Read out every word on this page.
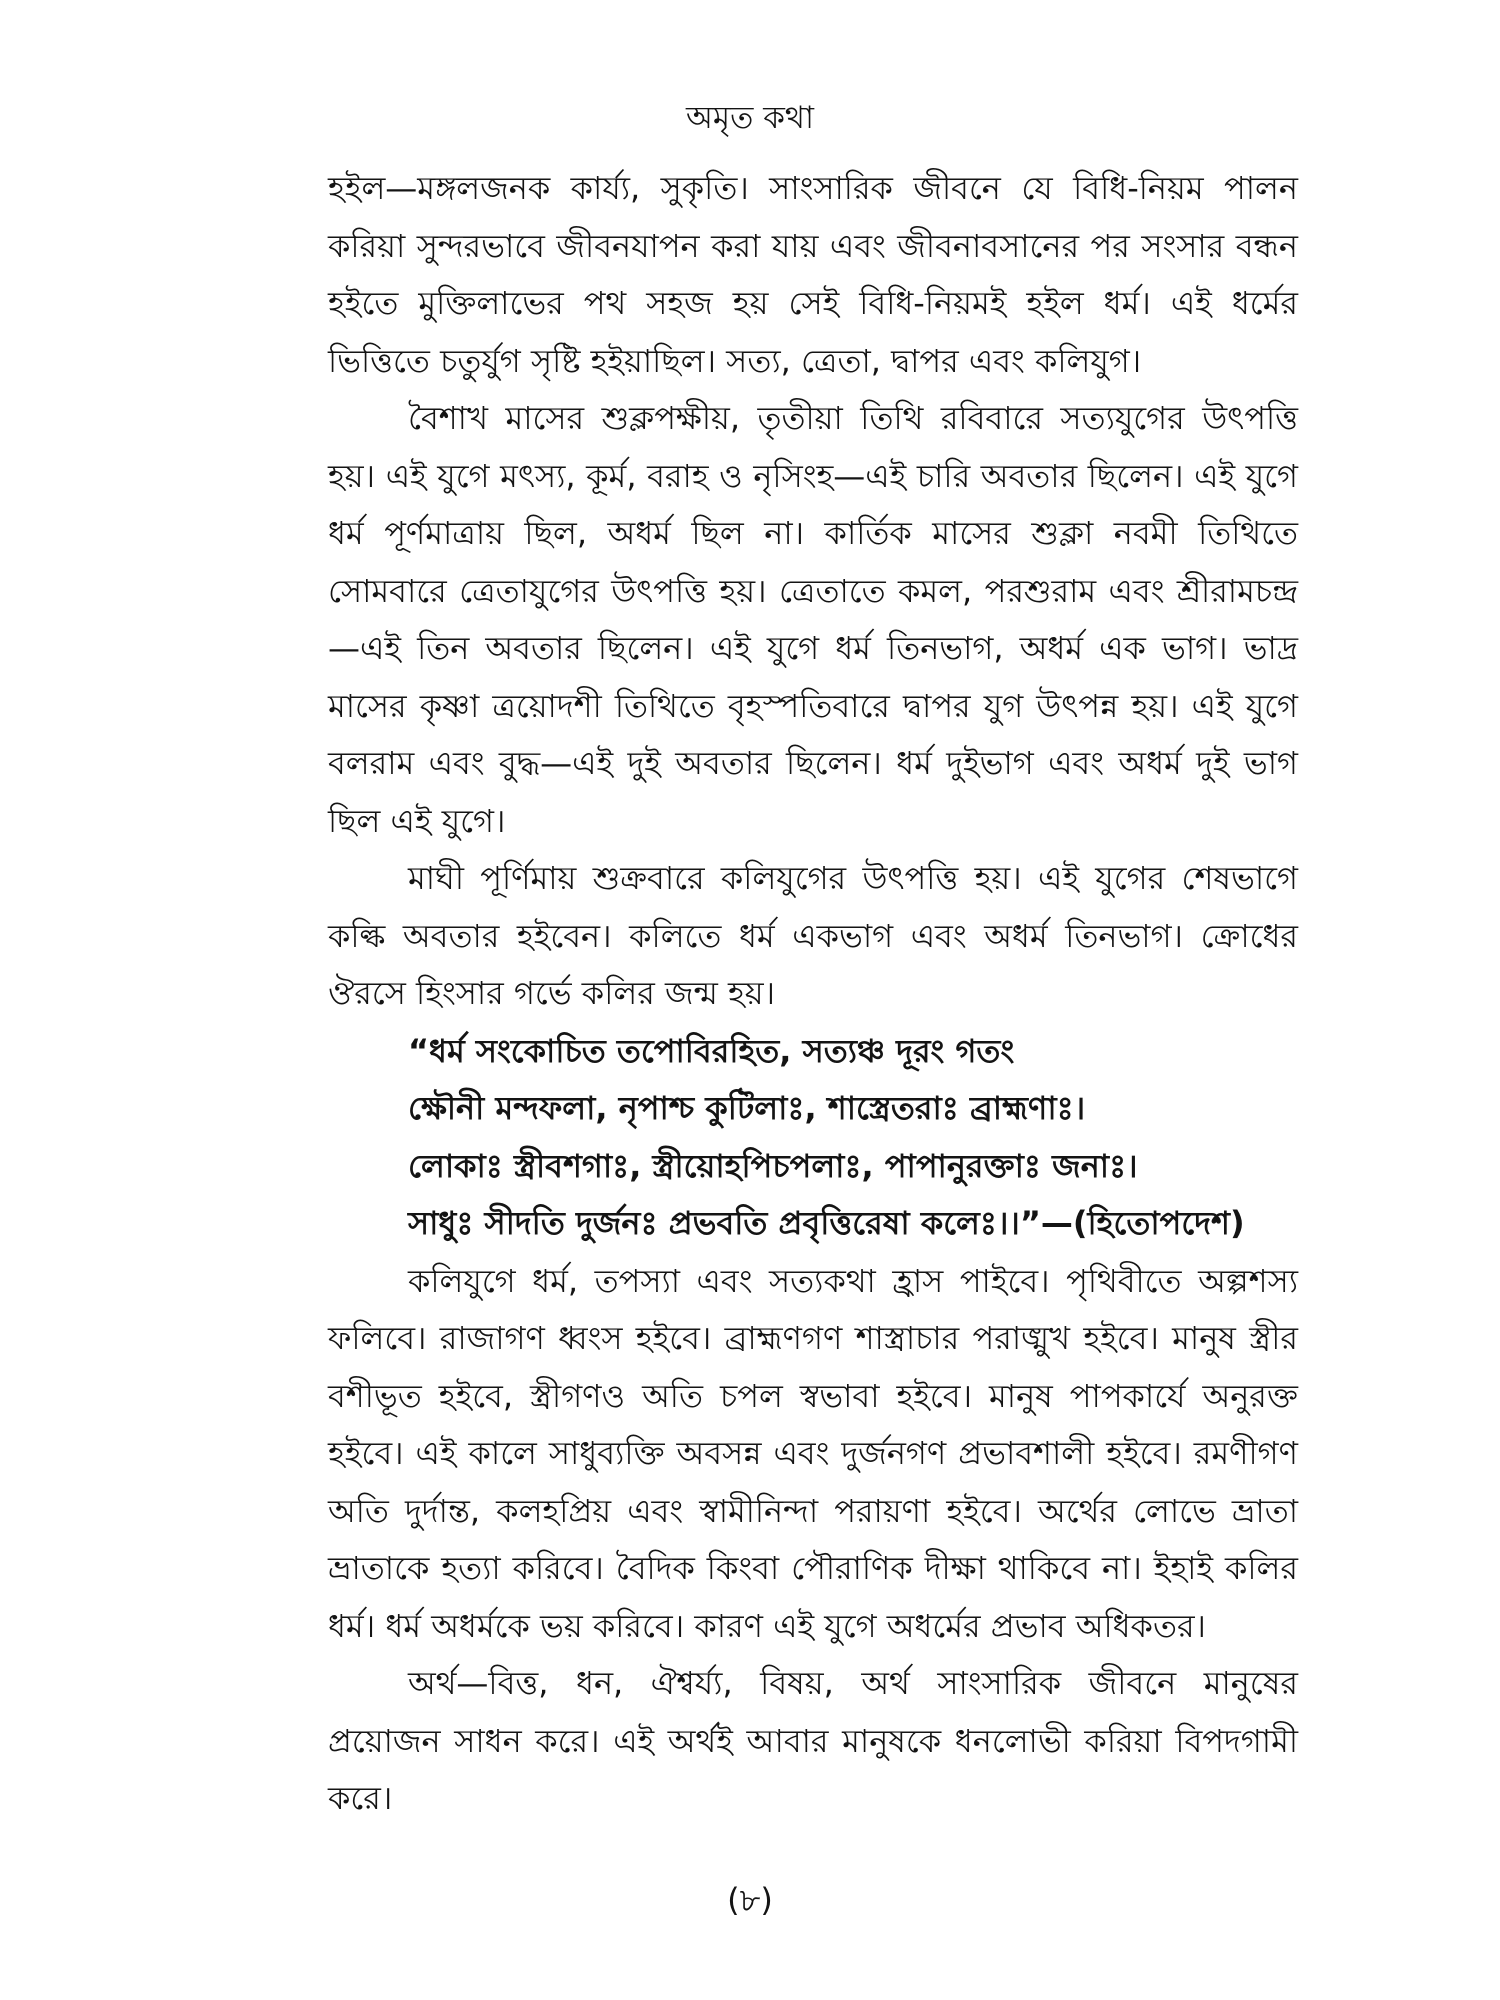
অমৃত কথা

হইল—মঙ্গলজনক কার্য্য, সুকৃতি। সাংসারিক জীবনে যে বিধি-নিয়ম পালন করিয়া সুন্দরভাবে জীবনযাপন করা যায় এবং জীবনাবসানের পর সংসার বন্ধন হইতে মুক্তিলাভের পথ সহজ হয় সেই বিধি-নিয়মই হইল ধর্ম। এই ধর্মের ভিত্তিতে চতুর্যুগ সৃষ্টি হইয়াছিল। সত্য, ত্রেতা, দ্বাপর এবং কলিযুগ।

বৈশাখ মাসের শুক্লপক্ষীয়, তৃতীয়া তিথি রবিবারে সত্যযুগের উৎপত্তি হয়। এই যুগে মৎস্য, কূর্ম, বরাহ ও নৃসিংহ—এই চারি অবতার ছিলেন। এই যুগে ধর্ম পূর্ণমাত্রায় ছিল, অধর্ম ছিল না। কার্তিক মাসের শুক্লা নবমী তিথিতে সোমবারে ত্রেতাযুগের উৎপত্তি হয়। ত্রেতাতে কমল, পরশুরাম এবং শ্রীরামচন্দ্র —এই তিন অবতার ছিলেন। এই যুগে ধর্ম তিনভাগ, অধর্ম এক ভাগ। ভাদ্র মাসের কৃষ্ণা ত্রয়োদশী তিথিতে বৃহস্পতিবারে দ্বাপর যুগ উৎপন্ন হয়। এই যুগে বলরাম এবং বুদ্ধ—এই দুই অবতার ছিলেন। ধর্ম দুইভাগ এবং অধর্ম দুই ভাগ ছিল এই যুগে।

মাঘী পূর্ণিমায় শুক্রবারে কলিযুগের উৎপত্তি হয়। এই যুগের শেষভাগে কল্কি অবতার হইবেন। কলিতে ধর্ম একভাগ এবং অধর্ম তিনভাগ। ক্রোধের ঔরসে হিংসার গর্ভে কলির জন্ম হয়।

“ধর্ম সংকোচিত তপোবিরহিত, সত্যঞ্চ দূরং গতং
ক্ষৌনী মন্দফলা, নৃপাশ্চ কুটিলাঃ, শাস্ত্রেতরাঃ ব্রাহ্মণাঃ।
লোকাঃ স্ত্রীবশগাঃ, স্ত্রীয়োহপিচপলাঃ, পাপানুরক্তাঃ জনাঃ।
সাধুঃ সীদতি দুর্জনঃ প্রভবতি প্রবৃত্তিরেষা কলেঃ।।”—(হিতোপদেশ)

কলিযুগে ধর্ম, তপস্যা এবং সত্যকথা হ্রাস পাইবে। পৃথিবীতে অল্পশস্য ফলিবে। রাজাগণ ধ্বংস হইবে। ব্রাহ্মণগণ শাস্ত্রাচার পরাঙ্মুখ হইবে। মানুষ স্ত্রীর বশীভূত হইবে, স্ত্রীগণও অতি চপল স্বভাবা হইবে। মানুষ পাপকার্যে অনুরক্ত হইবে। এই কালে সাধুব্যক্তি অবসন্ন এবং দুর্জনগণ প্রভাবশালী হইবে। রমণীগণ অতি দুর্দান্ত, কলহপ্রিয় এবং স্বামীনিন্দা পরায়ণা হইবে। অর্থের লোভে ভ্রাতা ভ্রাতাকে হত্যা করিবে। বৈদিক কিংবা পৌরাণিক দীক্ষা থাকিবে না। ইহাই কলির ধর্ম। ধর্ম অধর্মকে ভয় করিবে। কারণ এই যুগে অধর্মের প্রভাব অধিকতর।

অর্থ—বিত্ত, ধন, ঐশ্বর্য্য, বিষয়, অর্থ সাংসারিক জীবনে মানুষের প্রয়োজন সাধন করে। এই অর্থই আবার মানুষকে ধনলোভী করিয়া বিপদগামী করে।

(৮)
